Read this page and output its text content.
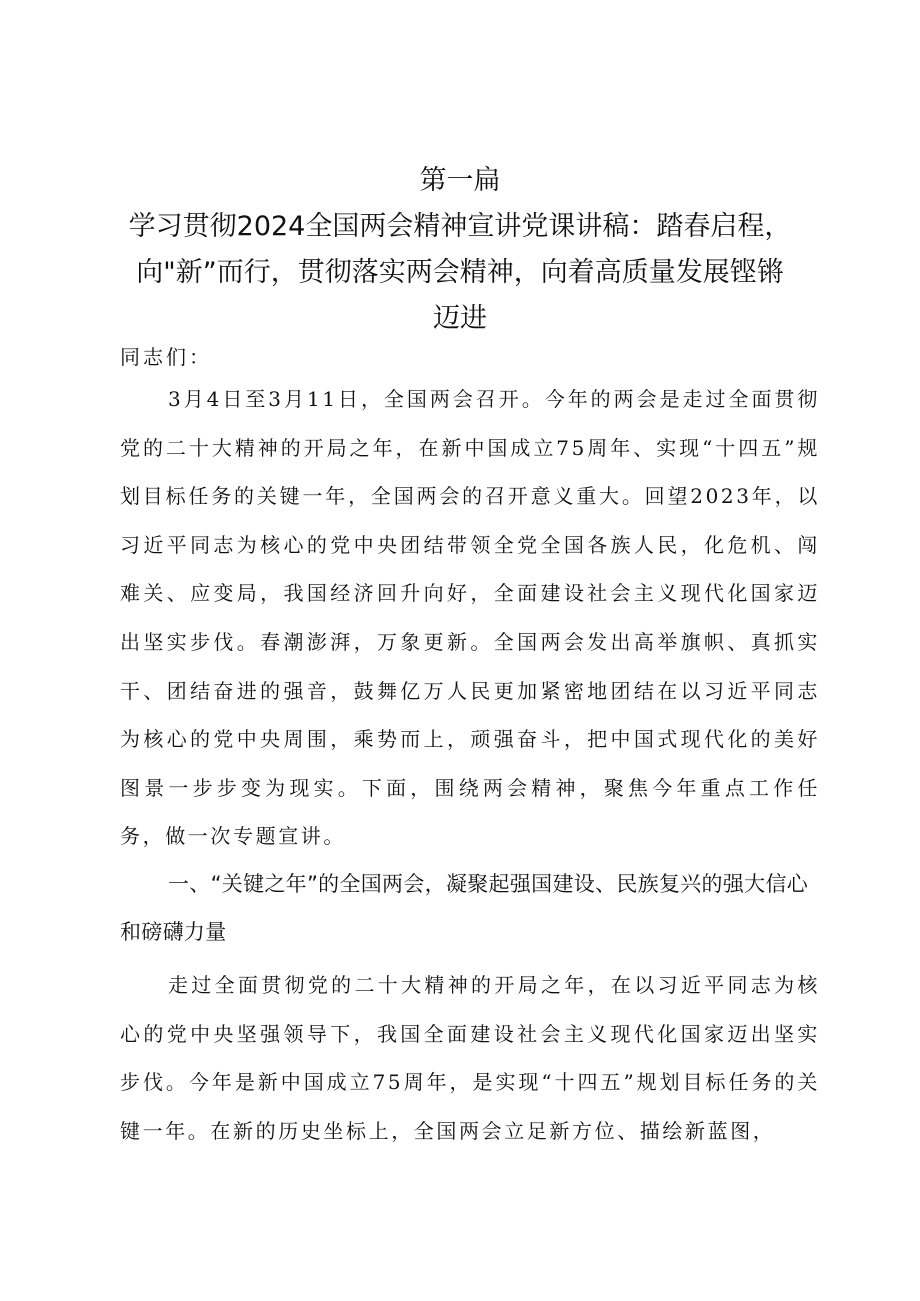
第一扁
学习贯彻2024全国两会精神宣讲党课讲稿：踏春启程，
向"新”而行，贯彻落实两会精神，向着高质量发展铿锵
迈进
同志们：

3月4日至3月11日，全国两会召开。今年的两会是走过全面贯彻党的二十大精神的开局之年，在新中国成立75周年、实现“十四五”规划目标任务的关键一年，全国两会的召开意义重大。回望2023年，以习近平同志为核心的党中央团结带领全党全国各族人民，化危机、闯难关、应变局，我国经济回升向好，全面建设社会主义现代化国家迈出坚实步伐。春潮澎湃，万象更新。全国两会发出高举旗帜、真抓实干、团结奋进的强音，鼓舞亿万人民更加紧密地团结在以习近平同志为核心的党中央周围，乘势而上，顽强奋斗，把中国式现代化的美好图景一步步变为现实。下面，围绕两会精神，聚焦今年重点工作任务，做一次专题宣讲。

一、“关键之年”的全国两会，凝聚起强国建设、民族复兴的强大信心和磅礴力量

走过全面贯彻党的二十大精神的开局之年，在以习近平同志为核心的党中央坚强领导下，我国全面建设社会主义现代化国家迈出坚实步伐。今年是新中国成立75周年，是实现“十四五”规划目标任务的关键一年。在新的历史坐标上，全国两会立足新方位、描绘新蓝图，
